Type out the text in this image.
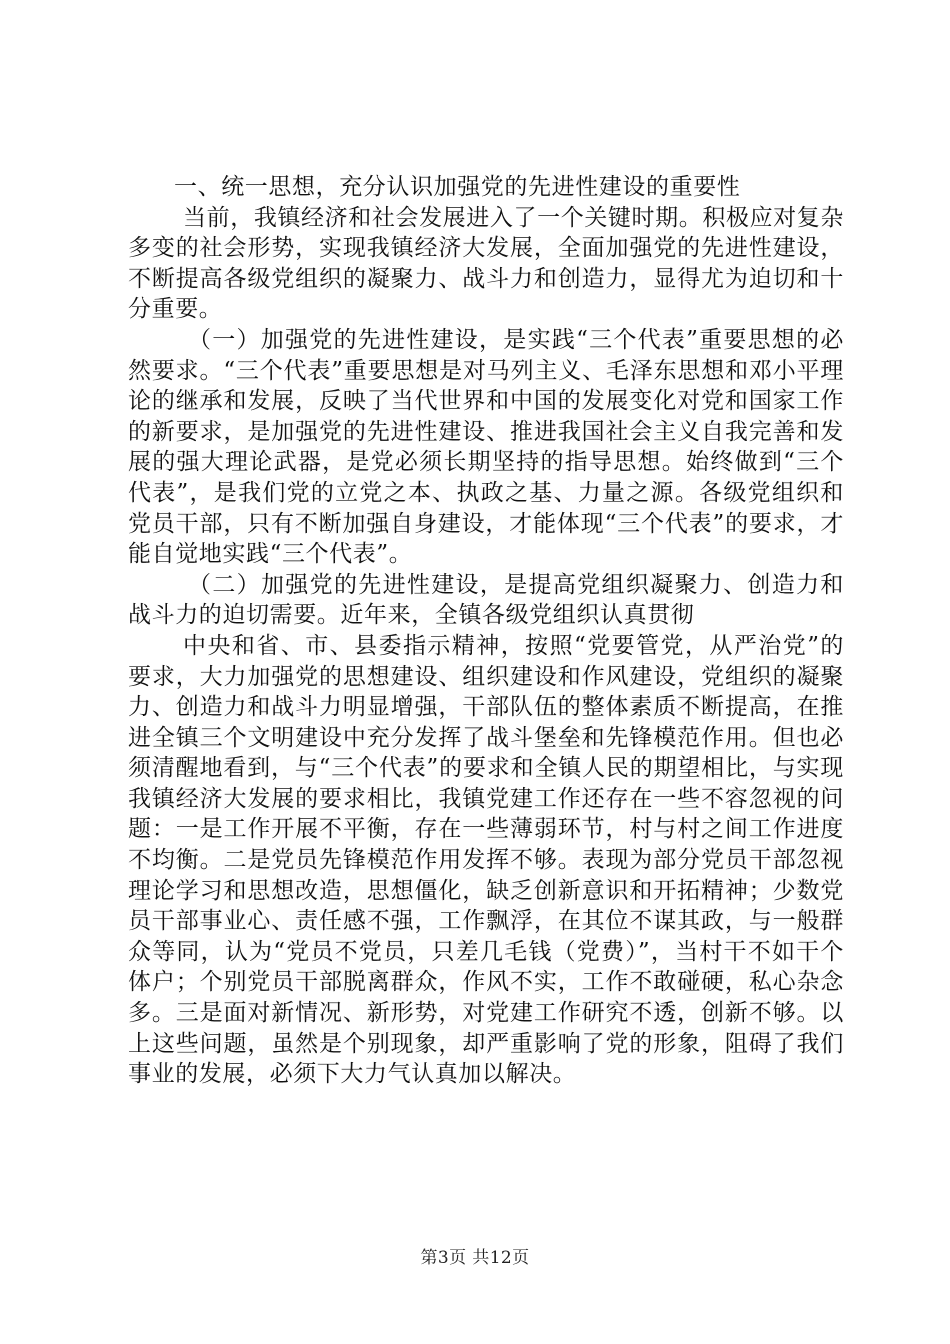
一、统一思想，充分认识加强党的先进性建设的重要性

当前，我镇经济和社会发展进入了一个关键时期。积极应对复杂多变的社会形势，实现我镇经济大发展，全面加强党的先进性建设，不断提高各级党组织的凝聚力、战斗力和创造力，显得尤为迫切和十分重要。

（一）加强党的先进性建设，是实践“三个代表”重要思想的必然要求。“三个代表”重要思想是对马列主义、毛泽东思想和邓小平理论的继承和发展，反映了当代世界和中国的发展变化对党和国家工作的新要求，是加强党的先进性建设、推进我国社会主义自我完善和发展的强大理论武器，是党必须长期坚持的指导思想。始终做到“三个代表”，是我们党的立党之本、执政之基、力量之源。各级党组织和党员干部，只有不断加强自身建设，才能体现“三个代表”的要求，才能自觉地实践“三个代表”。

（二）加强党的先进性建设，是提高党组织凝聚力、创造力和战斗力的迫切需要。近年来，全镇各级党组织认真贯彻

中央和省、市、县委指示精神，按照“党要管党，从严治党”的要求，大力加强党的思想建设、组织建设和作风建设，党组织的凝聚力、创造力和战斗力明显增强，干部队伍的整体素质不断提高，在推进全镇三个文明建设中充分发挥了战斗堡垒和先锋模范作用。但也必须清醒地看到，与“三个代表”的要求和全镇人民的期望相比，与实现我镇经济大发展的要求相比，我镇党建工作还存在一些不容忽视的问题：一是工作开展不平衡，存在一些薄弱环节，村与村之间工作进度不均衡。二是党员先锋模范作用发挥不够。表现为部分党员干部忽视理论学习和思想改造，思想僵化，缺乏创新意识和开拓精神；少数党员干部事业心、责任感不强，工作飘浮，在其位不谋其政，与一般群众等同，认为“党员不党员，只差几毛钱（党费）”，当村干不如干个体户；个别党员干部脱离群众，作风不实，工作不敢碰硬，私心杂念多。三是面对新情况、新形势，对党建工作研究不透，创新不够。以上这些问题，虽然是个别现象，却严重影响了党的形象，阻碍了我们事业的发展，必须下大力气认真加以解决。

第3页 共12页
